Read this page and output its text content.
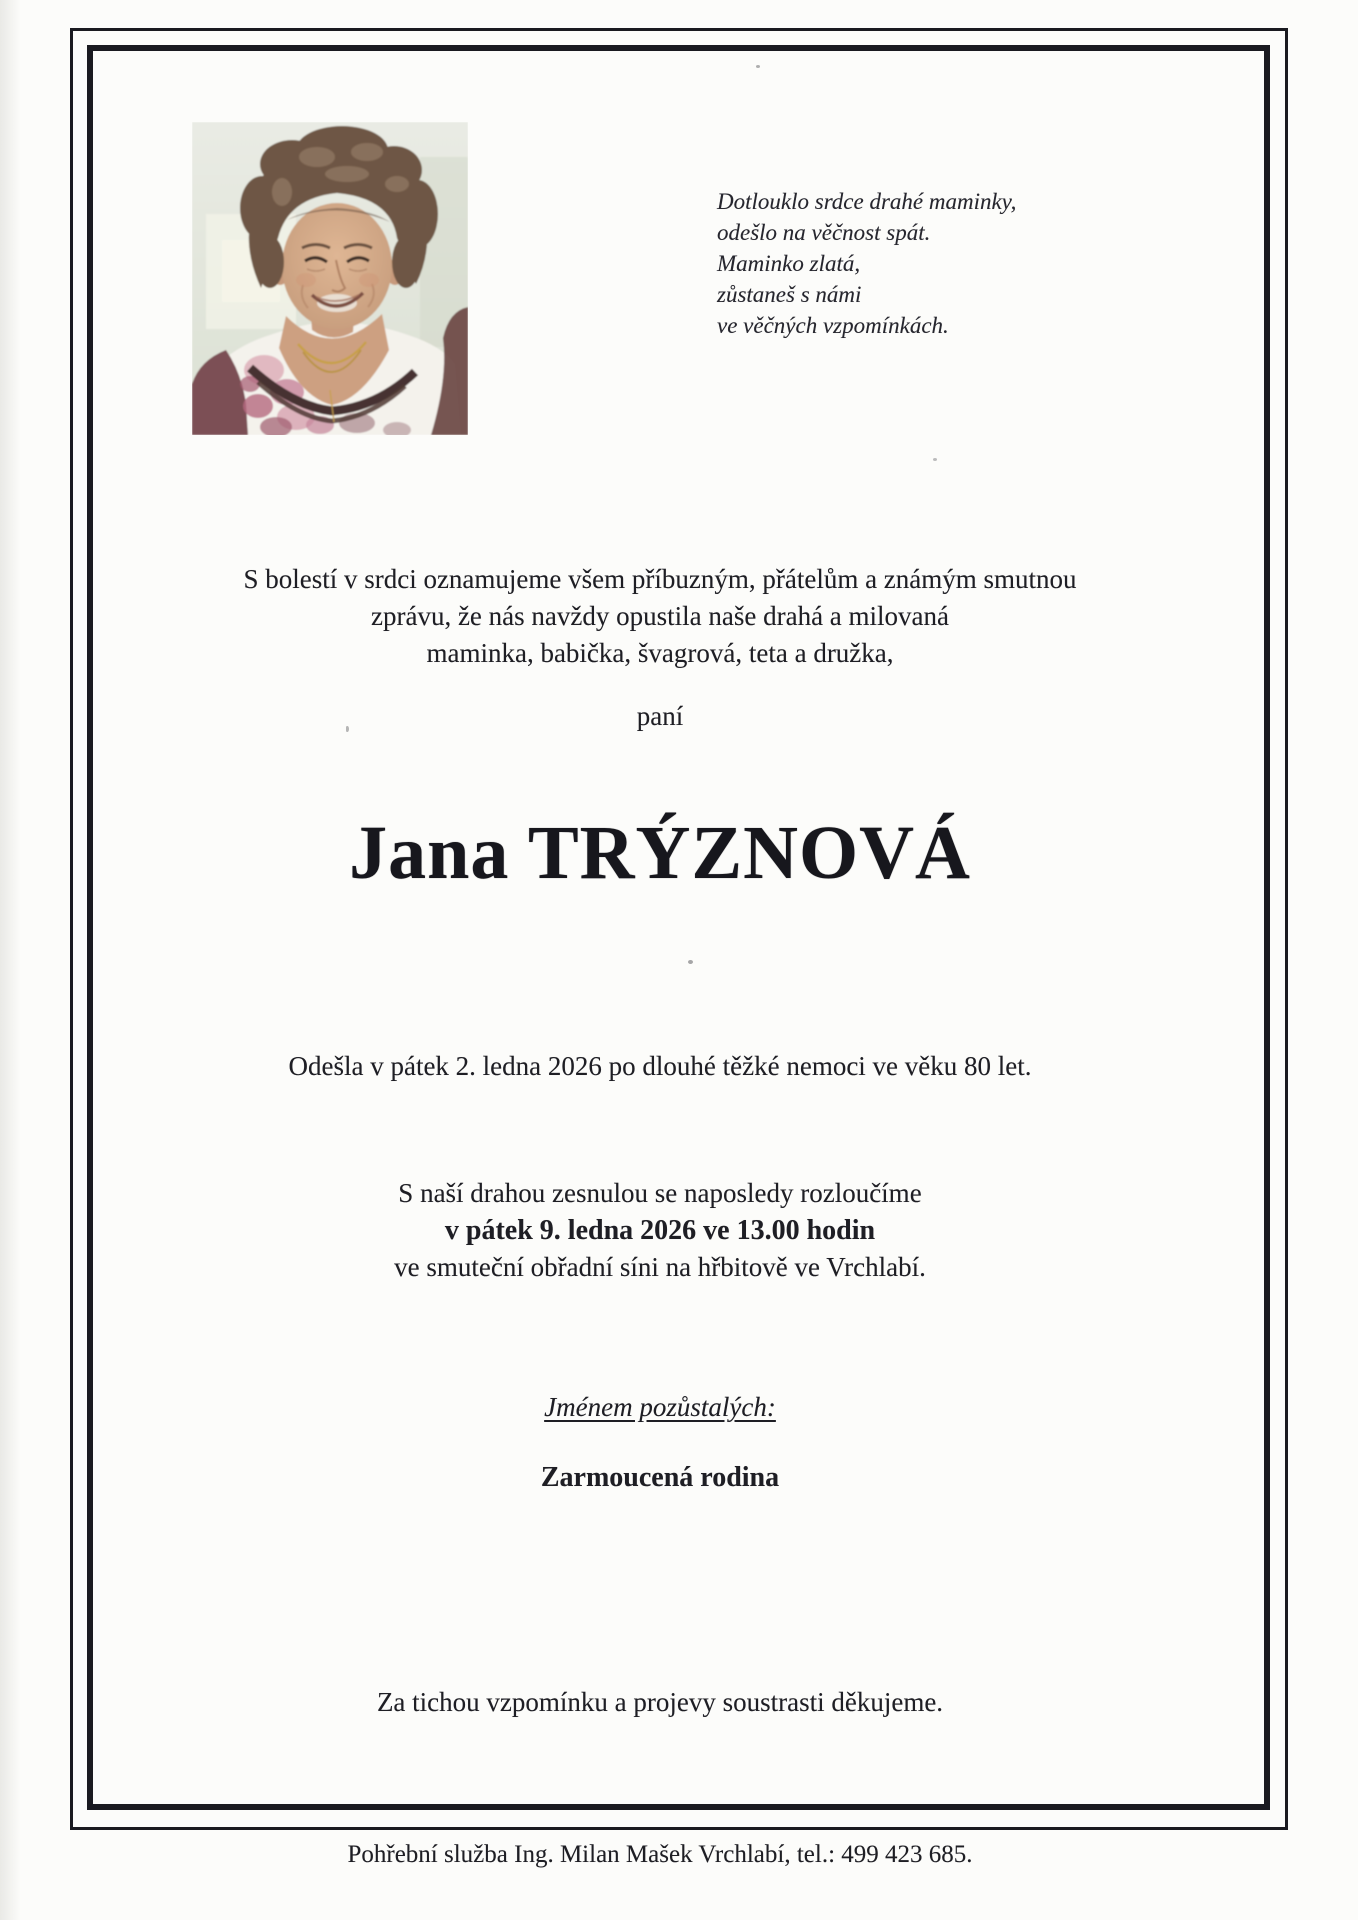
Dotlouklo srdce drahé maminky,
odešlo na věčnost spát.
Maminko zlatá,
zůstaneš s námi
ve věčných vzpomínkách.
S bolestí v srdci oznamujeme všem příbuzným, přátelům a známým smutnou
zprávu, že nás navždy opustila naše drahá a milovaná
maminka, babička, švagrová, teta a družka,
paní
Jana TRÝZNOVÁ
Odešla v pátek 2. ledna 2026 po dlouhé těžké nemoci ve věku 80 let.
S naší drahou zesnulou se naposledy rozloučíme
v pátek 9. ledna 2026 ve 13.00 hodin
ve smuteční obřadní síni na hřbitově ve Vrchlabí.
Jménem pozůstalých:
Zarmoucená rodina
Za tichou vzpomínku a projevy soustrasti děkujeme.
Pohřební služba Ing. Milan Mašek Vrchlabí, tel.: 499 423 685.
